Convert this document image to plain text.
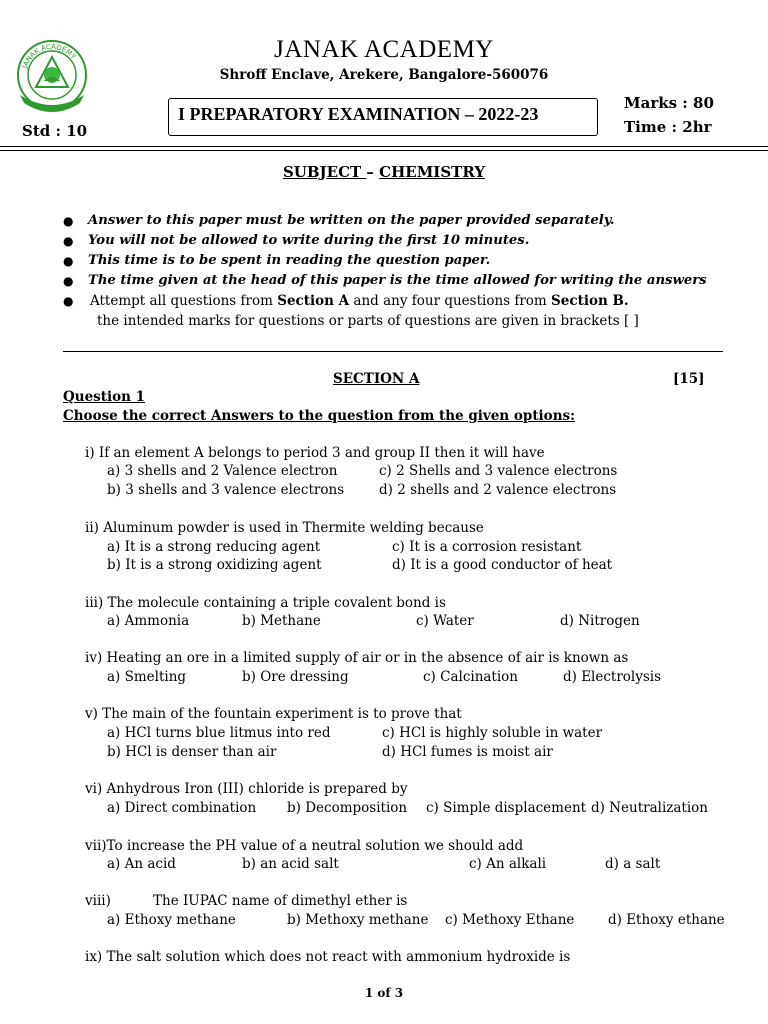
JANAK ACADEMY	JANAK ACADEMY
Shroff Enclave, Arekere, Bangalore-560076
I PREPARATORY EXAMINATION – 2022-23
Marks : 80
Time : 2hr
Std : 10
SUBJECT – CHEMISTRY
● Answer to this paper must be written on the paper provided separately.
● You will not be allowed to write during the first 10 minutes.
● This time is to be spent in reading the question paper.
● The time given at the head of this paper is the time allowed for writing the answers
● Attempt all questions from Section A and any four questions from Section B.
the intended marks for questions or parts of questions are given in brackets [ ]
SECTION A	[15]
Question 1
Choose the correct Answers to the question from the given options:
i) If an element A belongs to period 3 and group II then it will have
a) 3 shells and 2 Valence electron	c) 2 Shells and 3 valence electrons
b) 3 shells and 3 valence electrons	d) 2 shells and 2 valence electrons
ii) Aluminum powder is used in Thermite welding because
a) It is a strong reducing agent	c) It is a corrosion resistant
b) It is a strong oxidizing agent	d) It is a good conductor of heat
iii) The molecule containing a triple covalent bond is
a) Ammonia	b) Methane	c) Water	d) Nitrogen
iv) Heating an ore in a limited supply of air or in the absence of air is known as
a) Smelting	b) Ore dressing	c) Calcination	d) Electrolysis
v) The main of the fountain experiment is to prove that
a) HCl turns blue litmus into red	c) HCl is highly soluble in water
b) HCl is denser than air	d) HCl fumes is moist air
vi) Anhydrous Iron (III) chloride is prepared by
a) Direct combination b) Decomposition c) Simple displacement d) Neutralization
vii)To increase the PH value of a neutral solution we should add
a) An acid	b) an acid salt	c) An alkali	d) a salt
viii)	The IUPAC name of dimethyl ether is
a) Ethoxy methane	b) Methoxy methane c) Methoxy Ethane d) Ethoxy ethane
ix) The salt solution which does not react with ammonium hydroxide is
1 of 3
